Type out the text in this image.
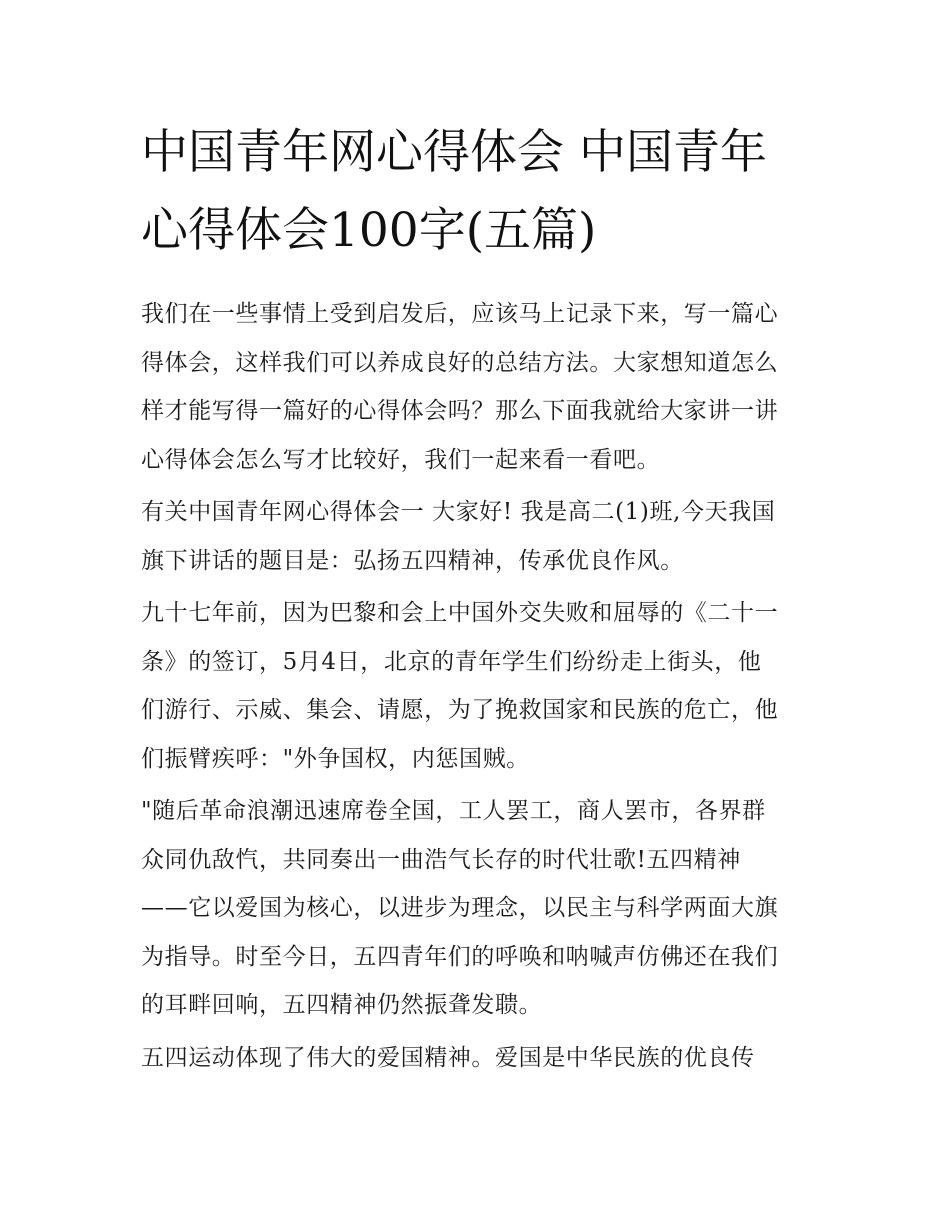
中国青年网心得体会 中国青年
心得体会100字(五篇)

我们在一些事情上受到启发后，应该马上记录下来，写一篇心
得体会，这样我们可以养成良好的总结方法。大家想知道怎么
样才能写得一篇好的心得体会吗？那么下面我就给大家讲一讲
心得体会怎么写才比较好，我们一起来看一看吧。

有关中国青年网心得体会一 大家好! 我是高二(1)班,今天我国
旗下讲话的题目是：弘扬五四精神，传承优良作风。

九十七年前，因为巴黎和会上中国外交失败和屈辱的《二十一
条》的签订，5月4日，北京的青年学生们纷纷走上街头，他
们游行、示威、集会、请愿，为了挽救国家和民族的危亡，他
们振臂疾呼："外争国权，内惩国贼。

"随后革命浪潮迅速席卷全国，工人罢工，商人罢市，各界群
众同仇敌忾，共同奏出一曲浩气长存的时代壮歌!五四精神
——它以爱国为核心，以进步为理念，以民主与科学两面大旗
为指导。时至今日，五四青年们的呼唤和呐喊声仿佛还在我们
的耳畔回响，五四精神仍然振聋发聩。

五四运动体现了伟大的爱国精神。爱国是中华民族的优良传
